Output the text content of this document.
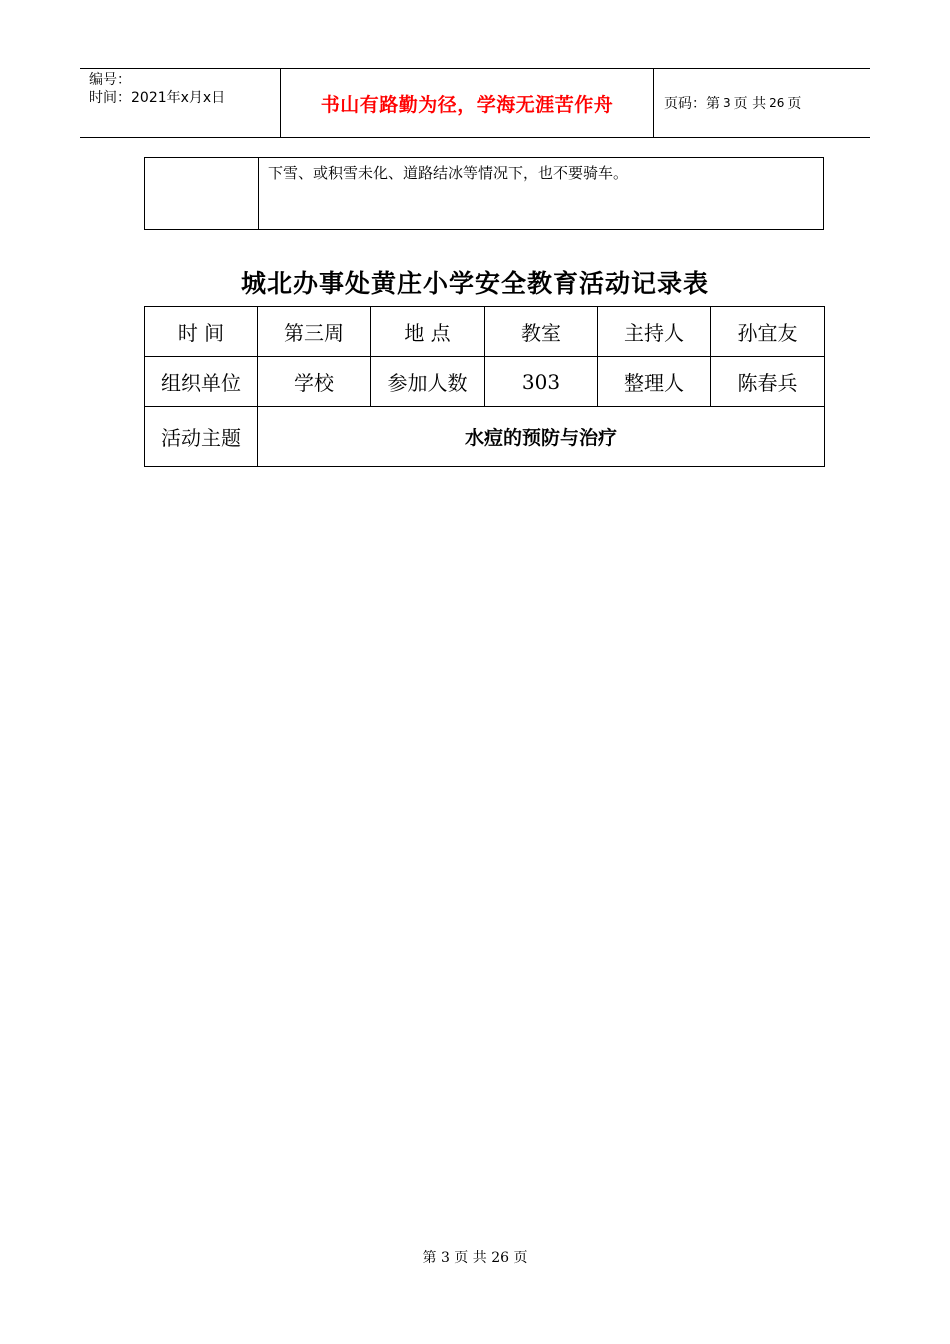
编号：
时间：2021年x月x日	书山有路勤为径，学海无涯苦作舟	页码：第 3 页 共 26 页
下雪、或积雪未化、道路结冰等情况下，也不要骑车。
城北办事处黄庄小学安全教育活动记录表
时 间	第三周	地 点	教室	主持人	孙宜友
组织单位	学校	参加人数	303	整理人	陈春兵
活动主题	水痘的预防与治疗				
第 3 页 共 26 页
